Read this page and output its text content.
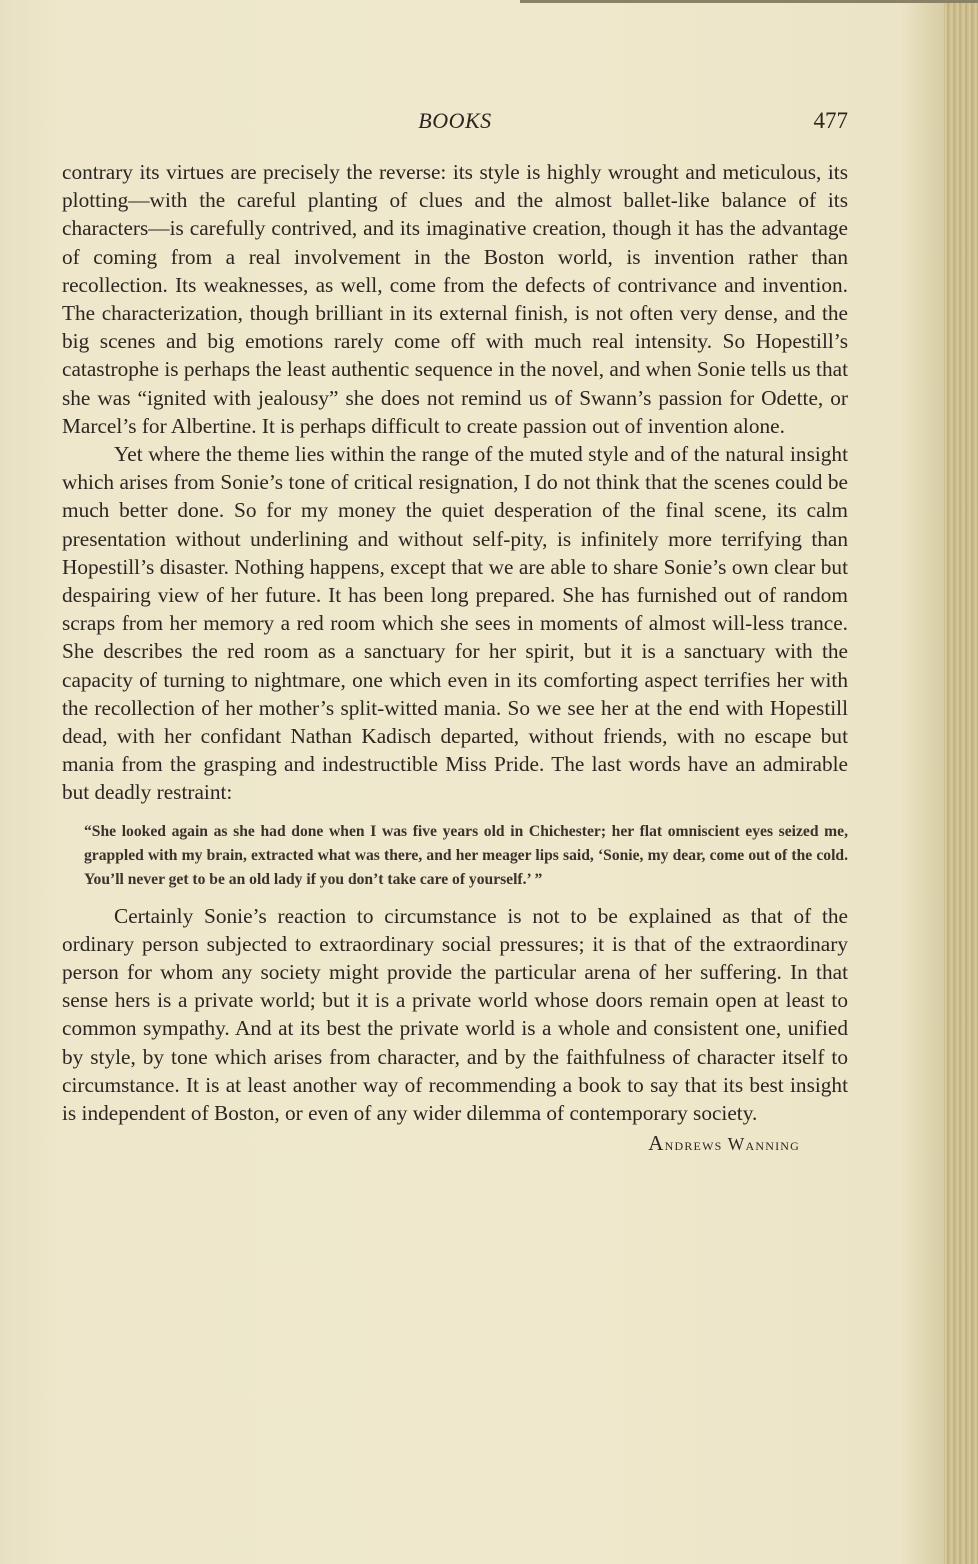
BOOKS	477

contrary its virtues are precisely the reverse: its style is highly wrought and meticulous, its plotting—with the careful planting of clues and the almost ballet-like balance of its characters—is carefully contrived, and its imaginative creation, though it has the advantage of coming from a real involvement in the Boston world, is invention rather than recollection. Its weaknesses, as well, come from the defects of contrivance and invention. The characterization, though brilliant in its external finish, is not often very dense, and the big scenes and big emotions rarely come off with much real intensity. So Hopestill’s catastrophe is perhaps the least authentic sequence in the novel, and when Sonie tells us that she was “ignited with jealousy” she does not remind us of Swann’s passion for Odette, or Marcel’s for Albertine. It is perhaps difficult to create passion out of invention alone.

Yet where the theme lies within the range of the muted style and of the natural insight which arises from Sonie’s tone of critical resignation, I do not think that the scenes could be much better done. So for my money the quiet desperation of the final scene, its calm presentation without underlining and without self-pity, is infinitely more terrifying than Hopestill’s disaster. Nothing happens, except that we are able to share Sonie’s own clear but despairing view of her future. It has been long prepared. She has furnished out of random scraps from her memory a red room which she sees in moments of almost will-less trance. She describes the red room as a sanctuary for her spirit, but it is a sanctuary with the capacity of turning to nightmare, one which even in its comforting aspect terrifies her with the recollection of her mother’s split-witted mania. So we see her at the end with Hopestill dead, with her confidant Nathan Kadisch departed, without friends, with no escape but mania from the grasping and indestructible Miss Pride. The last words have an admirable but deadly restraint:

“She looked again as she had done when I was five years old in Chichester; her flat omniscient eyes seized me, grappled with my brain, extracted what was there, and her meager lips said, ‘Sonie, my dear, come out of the cold. You’ll never get to be an old lady if you don’t take care of yourself.’ ”

Certainly Sonie’s reaction to circumstance is not to be explained as that of the ordinary person subjected to extraordinary social pressures; it is that of the extraordinary person for whom any society might provide the particular arena of her suffering. In that sense hers is a private world; but it is a private world whose doors remain open at least to common sympathy. And at its best the private world is a whole and consistent one, unified by style, by tone which arises from character, and by the faithfulness of character itself to circumstance. It is at least another way of recommending a book to say that its best insight is independent of Boston, or even of any wider dilemma of contemporary society.

Andrews Wanning
